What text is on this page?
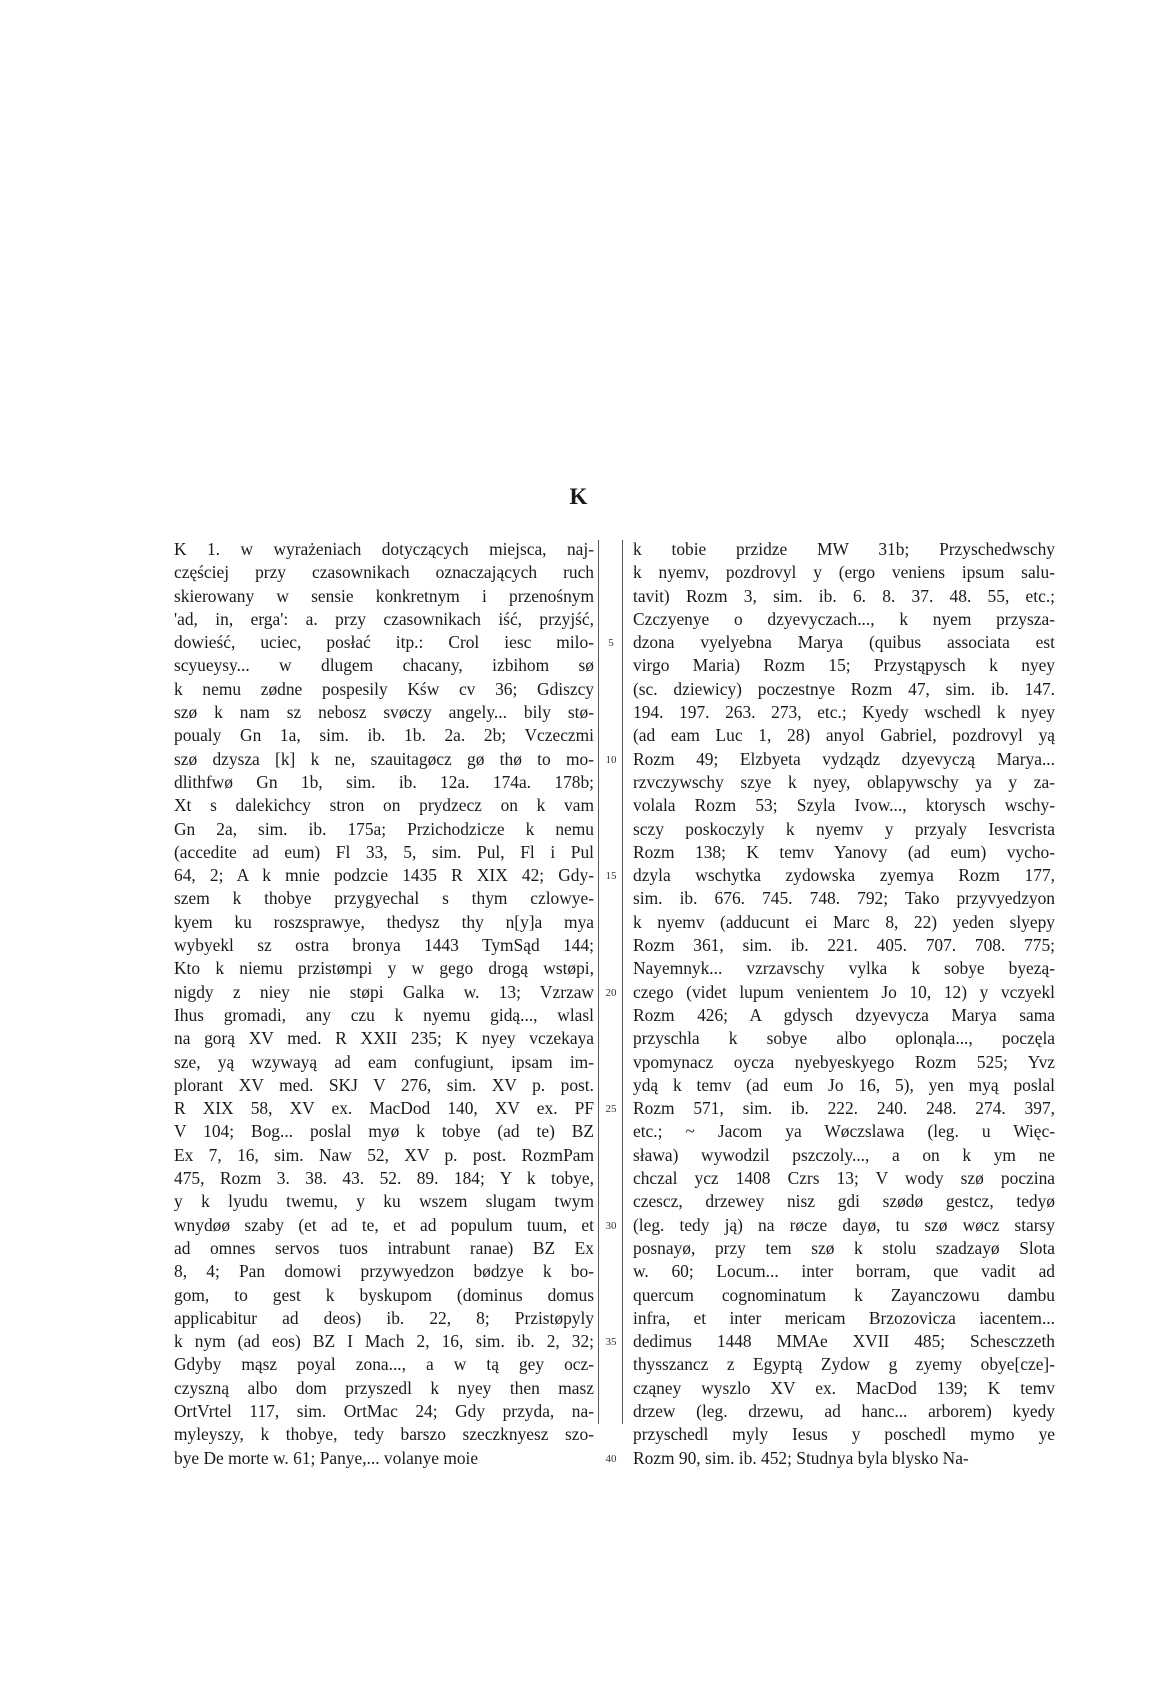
K
K 1. w wyrażeniach dotyczących miejsca, naj-
częściej przy czasownikach oznaczających ruch
skierowany w sensie konkretnym i przenośnym
'ad, in, erga': a. przy czasownikach iść, przyjść,
dowieść, uciec, posłać itp.: Crol iesc milo-
scyueysy... w dlugem chacany, izbihom sø
k nemu zødne pospesily Kśw cv 36; Gdiszcy
szø k nam sz nebosz svøczy angely... bily stø-
poualy Gn 1a, sim. ib. 1b. 2a. 2b; Vczeczmi
szø dzysza [k] k ne, szauitagøcz gø thø to mo-
dlithfwø Gn 1b, sim. ib. 12a. 174a. 178b;
Xt s dalekichcy stron on prydzecz on k vam
Gn 2a, sim. ib. 175a; Przichodzicze k nemu
(accedite ad eum) Fl 33, 5, sim. Pul, Fl i Pul
64, 2; A k mnie podzcie 1435 R XIX 42; Gdy-
szem k thobye przygyechal s thym czlowye-
kyem ku roszsprawye, thedysz thy n[y]a mya
wybyekl sz ostra bronya 1443 TymSąd 144;
Kto k niemu przistømpi y w gego drogą wstøpi,
nigdy z niey nie støpi Galka w. 13; Vzrzaw
Ihus gromadi, any czu k nyemu gidą..., wlasl
na gorą XV med. R XXII 235; K nyey vczekaya
sze, yą wzywayą ad eam confugiunt, ipsam im-
plorant XV med. SKJ V 276, sim. XV p. post.
R XIX 58, XV ex. MacDod 140, XV ex. PF
V 104; Bog... poslal myø k tobye (ad te) BZ
Ex 7, 16, sim. Naw 52, XV p. post. RozmPam
475, Rozm 3. 38. 43. 52. 89. 184; Y k tobye,
y k lyudu twemu, y ku wszem slugam twym
wnydøø szaby (et ad te, et ad populum tuum, et
ad omnes servos tuos intrabunt ranae) BZ Ex
8, 4; Pan domowi przywyedzon bødzye k bo-
gom, to gest k byskupom (dominus domus
applicabitur ad deos) ib. 22, 8; Przistøpyly
k nym (ad eos) BZ I Mach 2, 16, sim. ib. 2, 32;
Gdyby mąsz poyal zona..., a w tą gey ocz-
czyszną albo dom przyszedl k nyey then masz
OrtVrtel 117, sim. OrtMac 24; Gdy przyda, na-
myleyszy, k thobye, tedy barszo szeczknyesz szo-
bye De morte w. 61; Panye,... volanye moie
5
10
15
20
25
30
35
40
k tobie przidze MW 31b; Przyschedwschy
k nyemv, pozdrovyl y (ergo veniens ipsum salu-
tavit) Rozm 3, sim. ib. 6. 8. 37. 48. 55, etc.;
Czczyenye o dzyevyczach..., k nyem przysza-
dzona vyelyebna Marya (quibus associata est
virgo Maria) Rozm 15; Przystąpysch k nyey
(sc. dziewicy) poczestnye Rozm 47, sim. ib. 147.
194. 197. 263. 273, etc.; Kyedy wschedl k nyey
(ad eam Luc 1, 28) anyol Gabriel, pozdrovyl yą
Rozm 49; Elzbyeta vydządz dzyevyczą Marya...
rzvczywschy szye k nyey, oblapywschy ya y za-
volala Rozm 53; Szyla Ivow..., ktorysch wschy-
sczy poskoczyly k nyemv y przyaly Iesvcrista
Rozm 138; K temv Yanovy (ad eum) vycho-
dzyla wschytka zydowska zyemya Rozm 177,
sim. ib. 676. 745. 748. 792; Tako przyvyedzyon
k nyemv (adducunt ei Marc 8, 22) yeden slyepy
Rozm 361, sim. ib. 221. 405. 707. 708. 775;
Nayemnyk... vzrzavschy vylka k sobye byezą-
czego (videt lupum venientem Jo 10, 12) y vczyekl
Rozm 426; A gdysch dzyevycza Marya sama
przyschla k sobye albo oplonąla..., poczęla
vpomynacz oycza nyebyeskyego Rozm 525; Yvz
ydą k temv (ad eum Jo 16, 5), yen myą poslal
Rozm 571, sim. ib. 222. 240. 248. 274. 397,
etc.; ~ Jacom ya Wøczslawa (leg. u Więc-
sława) wywodzil pszczoly..., a on k ym ne
chczal ycz 1408 Czrs 13; V wody szø poczina
czescz, drzewey nisz gdi szødø gestcz, tedyø
(leg. tedy ją) na røcze dayø, tu szø wøcz starsy
posnayø, przy tem szø k stolu szadzayø Slota
w. 60; Locum... inter borram, que vadit ad
quercum cognominatum k Zayanczowu dambu
infra, et inter mericam Brzozovicza iacentem...
dedimus 1448 MMAe XVII 485; Schesczzeth
thysszancz z Egyptą Zydow g zyemy obye[cze]-
cząney wyszlo XV ex. MacDod 139; K temv
drzew (leg. drzewu, ad hanc... arborem) kyedy
przyschedl myly Iesus y poschedl mymo ye
Rozm 90, sim. ib. 452; Studnya byla blysko Na-
